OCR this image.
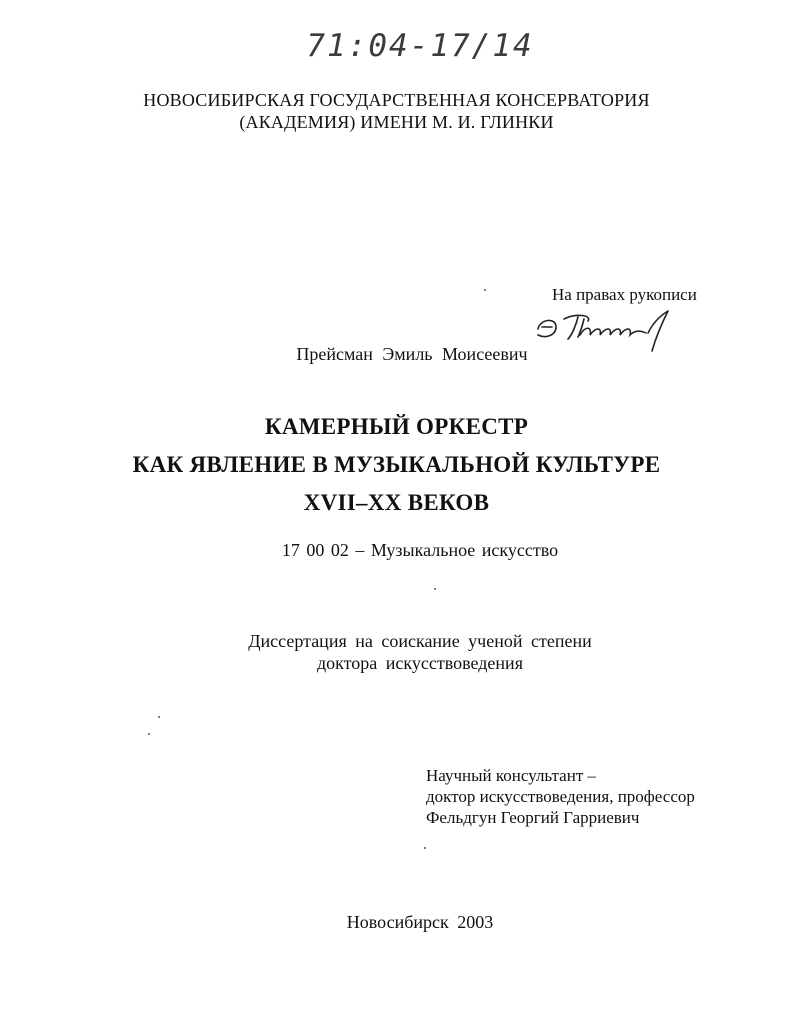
71:04-17/14
НОВОСИБИРСКАЯ ГОСУДАРСТВЕННАЯ КОНСЕРВАТОРИЯ
(АКАДЕМИЯ) ИМЕНИ М. И. ГЛИНКИ
На правах рукописи
Прейсман Эмиль Моисеевич
КАМЕРНЫЙ ОРКЕСТР
КАК ЯВЛЕНИЕ В МУЗЫКАЛЬНОЙ КУЛЬТУРЕ
XVII–XX ВЕКОВ
17 00 02 – Музыкальное искусство
Диссертация на соискание ученой степени
доктора искусствоведения
Научный консультант –
доктор искусствоведения, профессор
Фельдгун Георгий Гарриевич
Новосибирск 2003
